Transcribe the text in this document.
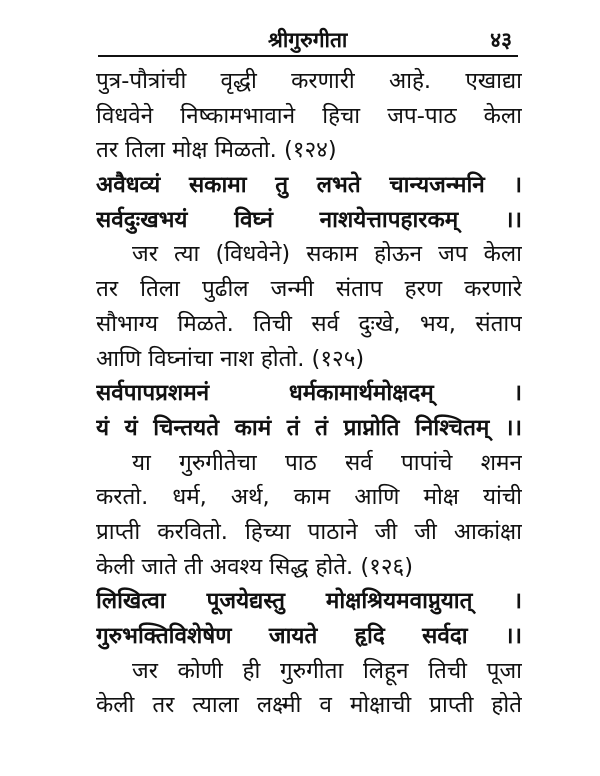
श्रीगुरुगीता	४३
पुत्र-पौत्रांची वृद्धी करणारी आहे. एखाद्या
विधवेने निष्कामभावाने हिचा जप-पाठ केला
तर तिला मोक्ष मिळतो. (१२४)
अवैधव्यं सकामा तु लभते चान्यजन्मनि ।
सर्वदुःखभयं विघ्नं नाशयेत्तापहारकम् ।।
जर त्या (विधवेने) सकाम होऊन जप केला
तर तिला पुढील जन्मी संताप हरण करणारे
सौभाग्य मिळते. तिची सर्व दुःखे, भय, संताप
आणि विघ्नांचा नाश होतो. (१२५)
सर्वपापप्रशमनं धर्मकामार्थमोक्षदम् ।
यं यं चिन्तयते कामं तं तं प्राप्नोति निश्चितम् ।।
या गुरुगीतेचा पाठ सर्व पापांचे शमन
करतो. धर्म, अर्थ, काम आणि मोक्ष यांची
प्राप्ती करवितो. हिच्या पाठाने जी जी आकांक्षा
केली जाते ती अवश्य सिद्ध होते. (१२६)
लिखित्वा पूजयेद्यस्तु मोक्षश्रियमवाप्नुयात् ।
गुरुभक्तिविशेषेण जायते हृदि सर्वदा ।।
जर कोणी ही गुरुगीता लिहून तिची पूजा
केली तर त्याला लक्ष्मी व मोक्षाची प्राप्ती होते
